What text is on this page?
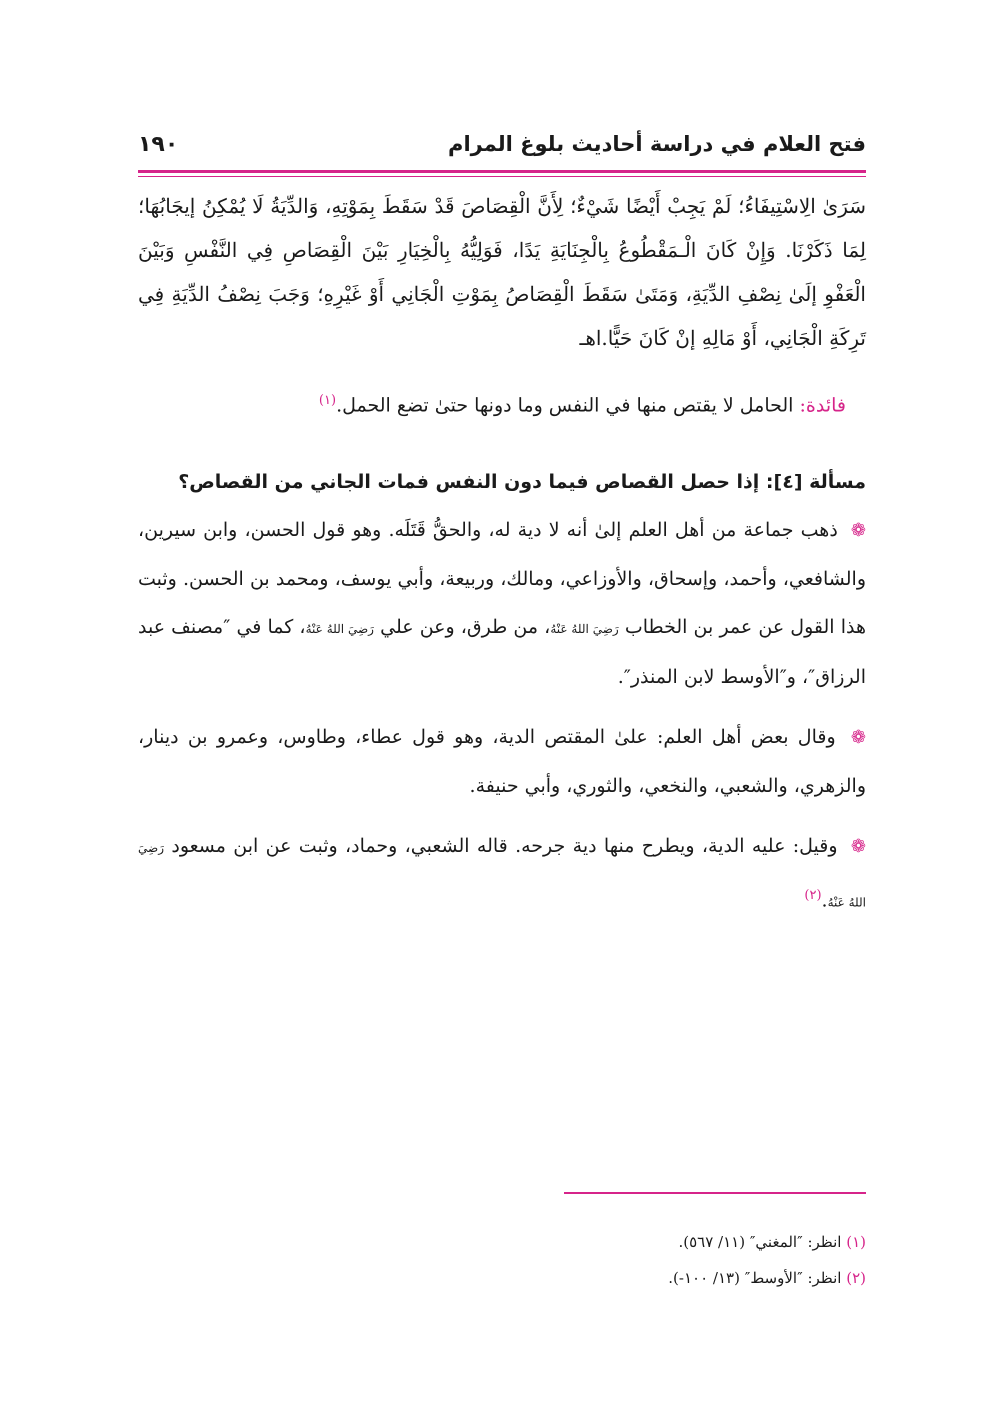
فتح العلام في دراسة أحاديث بلوغ المرام
١٩٠

سَرَىٰ الِاسْتِيفَاءُ؛ لَمْ يَجِبْ أَيْضًا شَيْءٌ؛ لِأَنَّ الْقِصَاصَ قَدْ سَقَطَ بِمَوْتِهِ، وَالدِّيَةُ لَا يُمْكِنُ إيجَابُهَا؛ لِمَا ذَكَرْنَا. وَإِنْ كَانَ الْـمَقْطُوعُ بِالْجِنَايَةِ يَدًا، فَوَلِيُّهُ بِالْخِيَارِ بَيْنَ الْقِصَاصِ فِي النَّفْسِ وَبَيْنَ الْعَفْوِ إلَىٰ نِصْفِ الدِّيَةِ، وَمَتَىٰ سَقَطَ الْقِصَاصُ بِمَوْتِ الْجَانِي أَوْ غَيْرِهِ؛ وَجَبَ نِصْفُ الدِّيَةِ فِي تَرِكَةِ الْجَانِي، أَوْ مَالِهِ إنْ كَانَ حَيًّا.اهـ

فائدة: الحامل لا يقتص منها في النفس وما دونها حتىٰ تضع الحمل.$^{(١)}$
مسألة [٤]: إذا حصل القصاص فيما دون النفس فمات الجاني من القصاص؟

❁ ذهب جماعة من أهل العلم إلىٰ أنه لا دية له، والحقُّ قَتَلَه. وهو قول الحسن، وابن سيرين، والشافعي، وأحمد، وإسحاق، والأوزاعي، ومالك، وربيعة، وأبي يوسف، ومحمد بن الحسن. وثبت هذا القول عن عمر بن الخطاب رَضِيَ اللهُ عَنْهُ، من طرق، وعن علي رَضِيَ اللهُ عَنْهُ، كما في ″مصنف عبد الرزاق″، و″الأوسط لابن المنذر″.

❁ وقال بعض أهل العلم: علىٰ المقتص الدية، وهو قول عطاء، وطاوس، وعمرو بن دينار، والزهري، والشعبي، والنخعي، والثوري، وأبي حنيفة.

❁ وقيل: عليه الدية، ويطرح منها دية جرحه. قاله الشعبي، وحماد، وثبت عن ابن مسعود رَضِيَ اللهُ عَنْهُ.$^{(٢)}$

(١) انظر: ″المغني″ (١١/ ٥٦٧).
(٢) انظر: ″الأوسط″ (١٣/ ١٠٠-).
